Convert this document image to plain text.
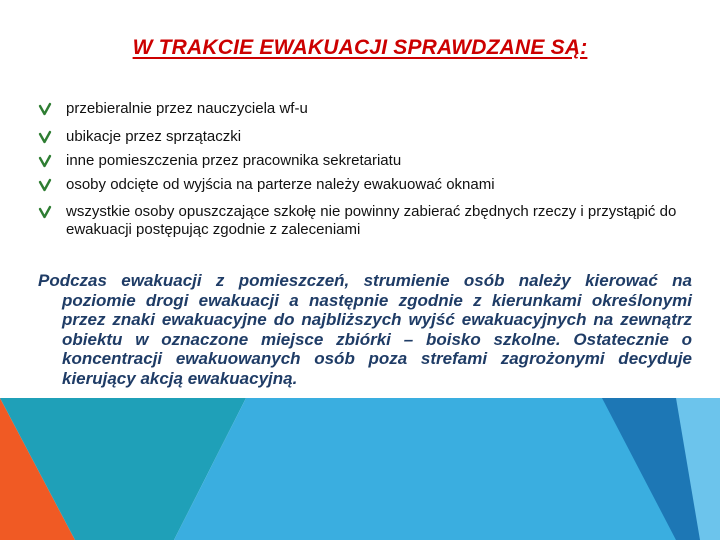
W TRAKCIE EWAKUACJI SPRAWDZANE SĄ:
przebieralnie przez nauczyciela wf-u
ubikacje przez sprzątaczki
inne pomieszczenia przez pracownika sekretariatu
osoby odcięte od wyjścia na parterze należy ewakuować oknami
wszystkie osoby opuszczające szkołę nie powinny zabierać zbędnych rzeczy i przystąpić do ewakuacji postępując zgodnie z zaleceniami
Podczas ewakuacji z pomieszczeń, strumienie osób należy kierować na poziomie drogi ewakuacji a następnie zgodnie z kierunkami określonymi przez znaki ewakuacyjne do najbliższych wyjść ewakuacyjnych na zewnątrz obiektu w oznaczone miejsce zbiórki – boisko szkolne. Ostatecznie o koncentracji ewakuowanych osób poza strefami zagrożonymi decyduje kierujący akcją ewakuacyjną.
